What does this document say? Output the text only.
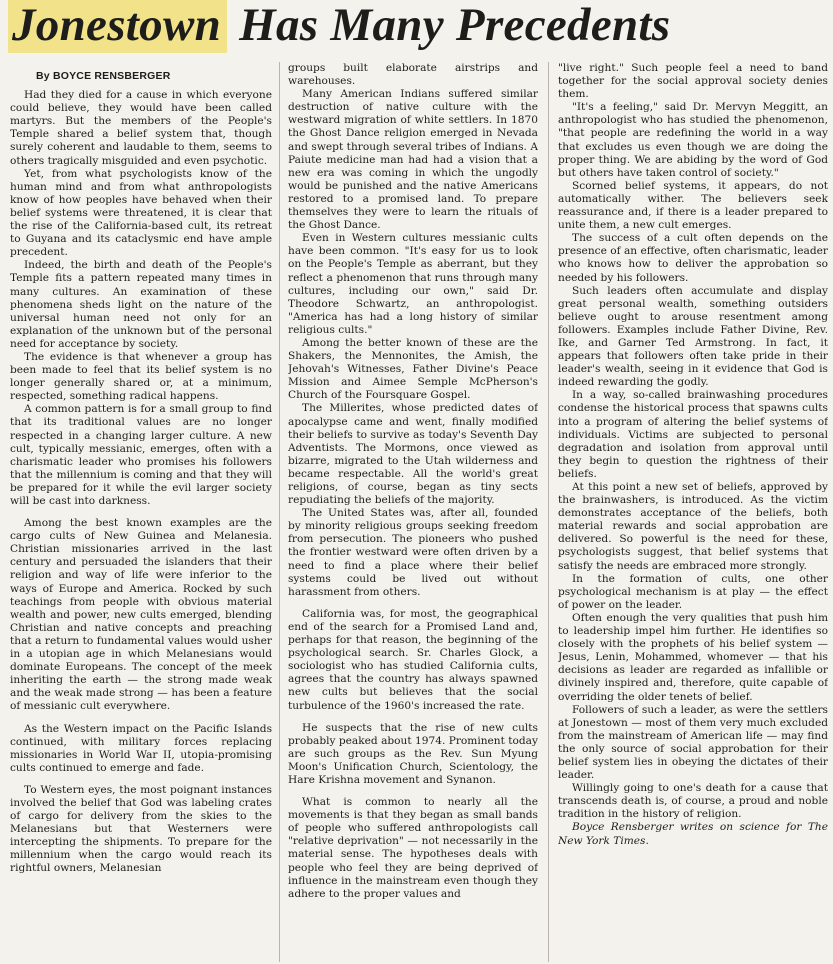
Jonestown Has Many Precedents
By BOYCE RENSBERGER

Had they died for a cause in which everyone could believe, they would have been called martyrs. But the members of the People's Temple shared a belief system that, though surely coherent and laudable to them, seems to others tragically misguided and even psychotic.

Yet, from what psychologists know of the human mind and from what anthropologists know of how peoples have behaved when their belief systems were threatened, it is clear that the rise of the California-based cult, its retreat to Guyana and its cataclysmic end have ample precedent.

Indeed, the birth and death of the People's Temple fits a pattern repeated many times in many cultures. An examination of these phenomena sheds light on the nature of the universal human need not only for an explanation of the unknown but of the personal need for acceptance by society.

The evidence is that whenever a group has been made to feel that its belief system is no longer generally shared or, at a minimum, respected, something radical happens.

A common pattern is for a small group to find that its traditional values are no longer respected in a changing larger culture. A new cult, typically messianic, emerges, often with a charismatic leader who promises his followers that the millennium is coming and that they will be prepared for it while the evil larger society will be cast into darkness.

Among the best known examples are the cargo cults of New Guinea and Melanesia. Christian missionaries arrived in the last century and persuaded the islanders that their religion and way of life were inferior to the ways of Europe and America. Rocked by such teachings from people with obvious material wealth and power, new cults emerged, blending Christian and native concepts and preaching that a return to fundamental values would usher in a utopian age in which Melanesians would dominate Europeans. The concept of the meek inheriting the earth — the strong made weak and the weak made strong — has been a feature of messianic cult everywhere.

As the Western impact on the Pacific Islands continued, with military forces replacing missionaries in World War II, utopia-promising cults continued to emerge and fade.

To Western eyes, the most poignant instances involved the belief that God was labeling crates of cargo for delivery from the skies to the Melanesians but that Westerners were intercepting the shipments. To prepare for the millennium when the cargo would reach its rightful owners, Melanesian

groups built elaborate airstrips and warehouses.

Many American Indians suffered similar destruction of native culture with the westward migration of white settlers. In 1870 the Ghost Dance religion emerged in Nevada and swept through several tribes of Indians. A Paiute medicine man had had a vision that a new era was coming in which the ungodly would be punished and the native Americans restored to a promised land. To prepare themselves they were to learn the rituals of the Ghost Dance.

Even in Western cultures messianic cults have been common. "It's easy for us to look on the People's Temple as aberrant, but they reflect a phenomenon that runs through many cultures, including our own," said Dr. Theodore Schwartz, an anthropologist. "America has had a long history of similar religious cults."

Among the better known of these are the Shakers, the Mennonites, the Amish, the Jehovah's Witnesses, Father Divine's Peace Mission and Aimee Semple McPherson's Church of the Foursquare Gospel.

The Millerites, whose predicted dates of apocalypse came and went, finally modified their beliefs to survive as today's Seventh Day Adventists. The Mormons, once viewed as bizarre, migrated to the Utah wilderness and became respectable. All the world's great religions, of course, began as tiny sects repudiating the beliefs of the majority.

The United States was, after all, founded by minority religious groups seeking freedom from persecution. The pioneers who pushed the frontier westward were often driven by a need to find a place where their belief systems could be lived out without harassment from others.

California was, for most, the geographical end of the search for a Promised Land and, perhaps for that reason, the beginning of the psychological search. Sr. Charles Glock, a sociologist who has studied California cults, agrees that the country has always spawned new cults but believes that the social turbulence of the 1960's increased the rate.

He suspects that the rise of new cults probably peaked about 1974. Prominent today are such groups as the Rev. Sun Myung Moon's Unification Church, Scientology, the Hare Krishna movement and Synanon.

What is common to nearly all the movements is that they began as small bands of people who suffered anthropologists call "relative deprivation" — not necessarily in the material sense. The hypotheses deals with people who feel they are being deprived of influence in the mainstream even though they adhere to the proper values and

"live right." Such people feel a need to band together for the social approval society denies them.

"It's a feeling," said Dr. Mervyn Meggitt, an anthropologist who has studied the phenomenon, "that people are redefining the world in a way that excludes us even though we are doing the proper thing. We are abiding by the word of God but others have taken control of society."

Scorned belief systems, it appears, do not automatically wither. The believers seek reassurance and, if there is a leader prepared to unite them, a new cult emerges.

The success of a cult often depends on the presence of an effective, often charismatic, leader who knows how to deliver the approbation so needed by his followers.

Such leaders often accumulate and display great personal wealth, something outsiders believe ought to arouse resentment among followers. Examples include Father Divine, Rev. Ike, and Garner Ted Armstrong. In fact, it appears that followers often take pride in their leader's wealth, seeing in it evidence that God is indeed rewarding the godly.

In a way, so-called brainwashing procedures condense the historical process that spawns cults into a program of altering the belief systems of individuals. Victims are subjected to personal degradation and isolation from approval until they begin to question the rightness of their beliefs.

At this point a new set of beliefs, approved by the brainwashers, is introduced. As the victim demonstrates acceptance of the beliefs, both material rewards and social approbation are delivered. So powerful is the need for these, psychologists suggest, that belief systems that satisfy the needs are embraced more strongly.

In the formation of cults, one other psychological mechanism is at play — the effect of power on the leader.

Often enough the very qualities that push him to leadership impel him further. He identifies so closely with the prophets of his belief system — Jesus, Lenin, Mohammed, whomever — that his decisions as leader are regarded as infallible or divinely inspired and, therefore, quite capable of overriding the older tenets of belief.

Followers of such a leader, as were the settlers at Jonestown — most of them very much excluded from the mainstream of American life — may find the only source of social approbation for their belief system lies in obeying the dictates of their leader.

Willingly going to one's death for a cause that transcends death is, of course, a proud and noble tradition in the history of religion.

Boyce Rensberger writes on science for The New York Times.
